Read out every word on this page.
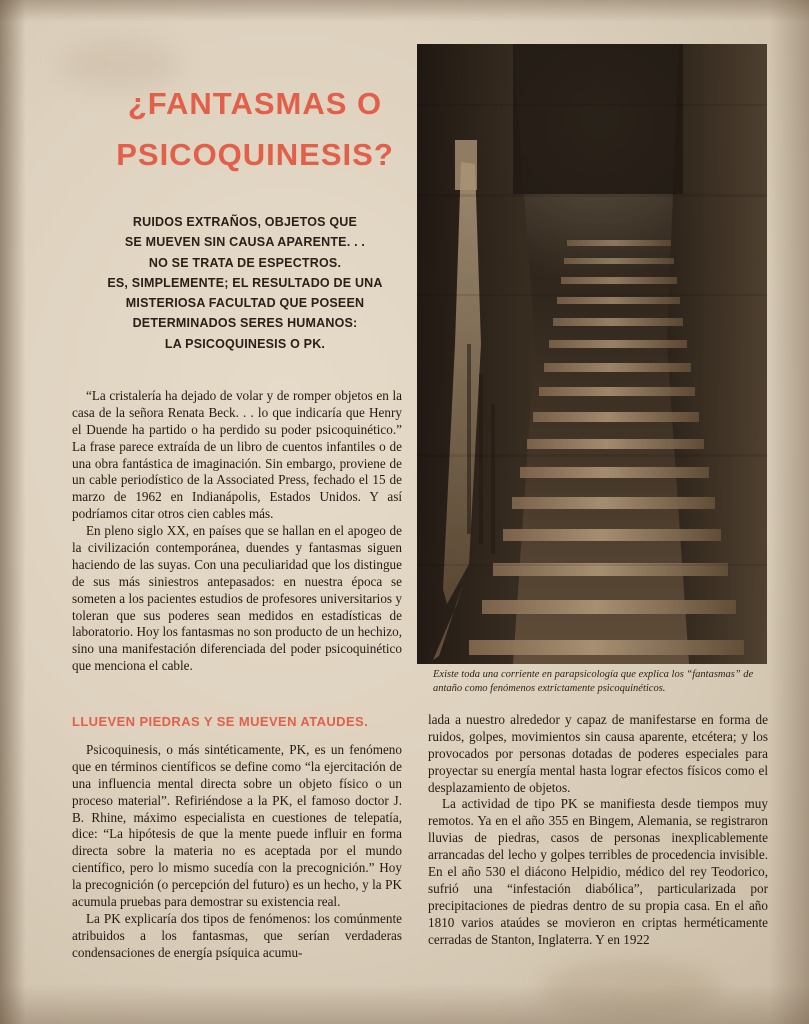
¿FANTASMAS O
PSICOQUINESIS?
RUIDOS EXTRAÑOS, OBJETOS QUE
SE MUEVEN SIN CAUSA APARENTE. . .
NO SE TRATA DE ESPECTROS.
ES, SIMPLEMENTE; EL RESULTADO DE UNA
MISTERIOSA FACULTAD QUE POSEEN
DETERMINADOS SERES HUMANOS:
LA PSICOQUINESIS O PK.
Existe toda una corriente en parapsicología que explica los “fantasmas” de antaño como fenómenos extrictamente psicoquinéticos.

“La cristalería ha dejado de volar y de romper objetos en la casa de la señora Renata Beck. . . lo que indicaría que Henry el Duende ha partido o ha perdido su poder psicoquinético.” La frase parece extraída de un libro de cuentos infantiles o de una obra fantástica de imaginación. Sin embargo, proviene de un cable periodístico de la Associated Press, fechado el 15 de marzo de 1962 en Indianápolis, Estados Unidos. Y así podríamos citar otros cien cables más.

En pleno siglo XX, en países que se hallan en el apogeo de la civilización contemporánea, duendes y fantasmas siguen haciendo de las suyas. Con una peculiaridad que los distingue de sus más siniestros antepasados: en nuestra época se someten a los pacientes estudios de profesores universitarios y toleran que sus poderes sean medidos en estadísticas de laboratorio. Hoy los fantasmas no son producto de un hechizo, sino una manifestación diferenciada del poder psicoquinético que menciona el cable.

LLUEVEN PIEDRAS Y SE MUEVEN ATAUDES.

Psicoquinesis, o más sintéticamente, PK, es un fenómeno que en términos científicos se define como “la ejercitación de una influencia mental directa sobre un objeto físico o un proceso material”. Refiriéndose a la PK, el famoso doctor J. B. Rhine, máximo especialista en cuestiones de telepatía, dice: “La hipótesis de que la mente puede influir en forma directa sobre la materia no es aceptada por el mundo científico, pero lo mismo sucedía con la precognición.” Hoy la precognición (o percepción del futuro) es un hecho, y la PK acumula pruebas para demostrar su existencia real.

La PK explicaría dos tipos de fenómenos: los comúnmente atribuidos a los fantasmas, que serían verdaderas condensaciones de energía psíquica acumu-

lada a nuestro alrededor y capaz de manifestarse en forma de ruidos, golpes, movimientos sin causa aparente, etcétera; y los provocados por personas dotadas de poderes especiales para proyectar su energía mental hasta lograr efectos físicos como el desplazamiento de objetos.

La actividad de tipo PK se manifiesta desde tiempos muy remotos. Ya en el año 355 en Bingem, Alemania, se registraron lluvias de piedras, casos de personas inexplicablemente arrancadas del lecho y golpes terribles de procedencia invisible. En el año 530 el diácono Helpidio, médico del rey Teodorico, sufrió una “infestación diabólica”, particularizada por precipitaciones de piedras dentro de su propia casa. En el año 1810 varios ataúdes se movieron en criptas herméticamente cerradas de Stanton, Inglaterra. Y en 1922
